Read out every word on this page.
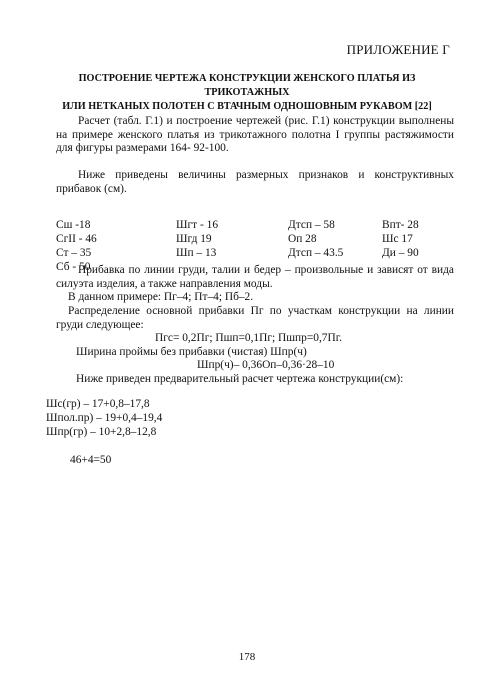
ПРИЛОЖЕНИЕ Г
ПОСТРОЕНИЕ ЧЕРТЕЖА КОНСТРУКЦИИ ЖЕНСКОГО ПЛАТЬЯ ИЗ ТРИКОТАЖНЫХ
ИЛИ НЕТКАНЫХ ПОЛОТЕН С ВТАЧНЫМ ОДНОШОВНЫМ РУКАВОМ [22]
Расчет (табл. Г.1) и построение чертежей (рис. Г.1) конструкции выполнены на примере женского платья из трикотажного полотна I группы растяжимости для фигуры размерами 164- 92-100.
Ниже приведены величины размерных признаков и конструктивных прибавок (см).
Сш -18	Шгт - 16	Дтсп – 58	Впт- 28
СгII - 46	Шгд 19	Оп 28	Шс 17
Ст – 35	Шп – 13	Дтсп – 43.5	Ди – 90
Сб - 50
Прибавка по линии груди, талии и бедер – произвольные и зависят от вида силуэта изделия, а также направления моды.
В данном примере: Пг–4; Пт–4; Пб–2.
Распределение основной прибавки Пг по участкам конструкции на линии груди следующее:
Пгс= 0,2Пг; Пшп=0,1Пг; Пшпр=0,7Пг.
Ширина проймы без прибавки (чистая) Шпр(ч)
Шпр(ч)– 0,36Оп–0,36·28–10
Ниже приведен предварительный расчет чертежа конструкции(см):
Шс(гр) – 17+0,8–17,8
Шпол.пр) – 19+0,4–19,4
Шпр(гр) – 10+2,8–12,8
46+4=50
178
